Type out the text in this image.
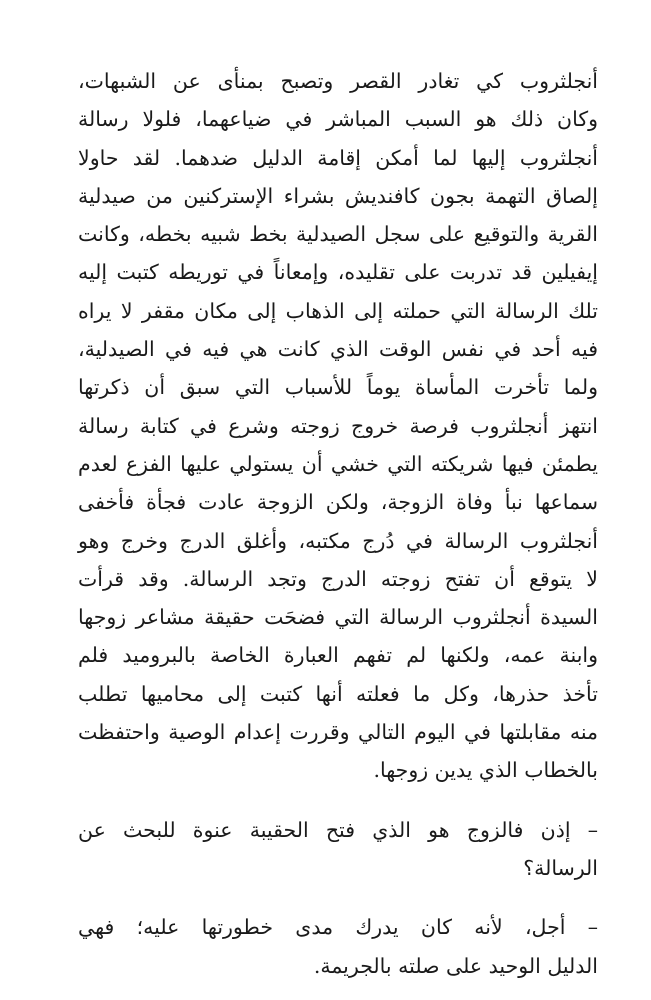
أنجلثروب كي تغادر القصر وتصبح بمنأى عن الشبهات،
وكان ذلك هو السبب المباشر في ضياعهما، فلولا رسالة
أنجلثروب إليها لما أمكن إقامة الدليل ضدهما. لقد حاولا
إلصاق التهمة بجون كافنديش بشراء الإستركنين من صيدلية
القرية والتوقيع على سجل الصيدلية بخط شبيه بخطه، وكانت
إيفيلين قد تدربت على تقليده، وإمعاناً في توريطه كتبت إليه
تلك الرسالة التي حملته إلى الذهاب إلى مكان مقفر لا يراه
فيه أحد في نفس الوقت الذي كانت هي فيه في الصيدلية،
ولما تأخرت المأساة يوماً للأسباب التي سبق أن ذكرتها
انتهز أنجلثروب فرصة خروج زوجته وشرع في كتابة رسالة
يطمئن فيها شريكته التي خشي أن يستولي عليها الفزع لعدم
سماعها نبأ وفاة الزوجة، ولكن الزوجة عادت فجأة فأخفى
أنجلثروب الرسالة في دُرج مكتبه، وأغلق الدرج وخرج وهو
لا يتوقع أن تفتح زوجته الدرج وتجد الرسالة. وقد قرأت
السيدة أنجلثروب الرسالة التي فضحَت حقيقة مشاعر زوجها
وابنة عمه، ولكنها لم تفهم العبارة الخاصة بالبروميد فلم
تأخذ حذرها، وكل ما فعلته أنها كتبت إلى محاميها تطلب
منه مقابلتها في اليوم التالي وقررت إعدام الوصية واحتفظت
بالخطاب الذي يدين زوجها.

– إذن فالزوج هو الذي فتح الحقيبة عنوة للبحث عن
الرسالة؟

– أجل، لأنه كان يدرك مدى خطورتها عليه؛ فهي
الدليل الوحيد على صلته بالجريمة.
